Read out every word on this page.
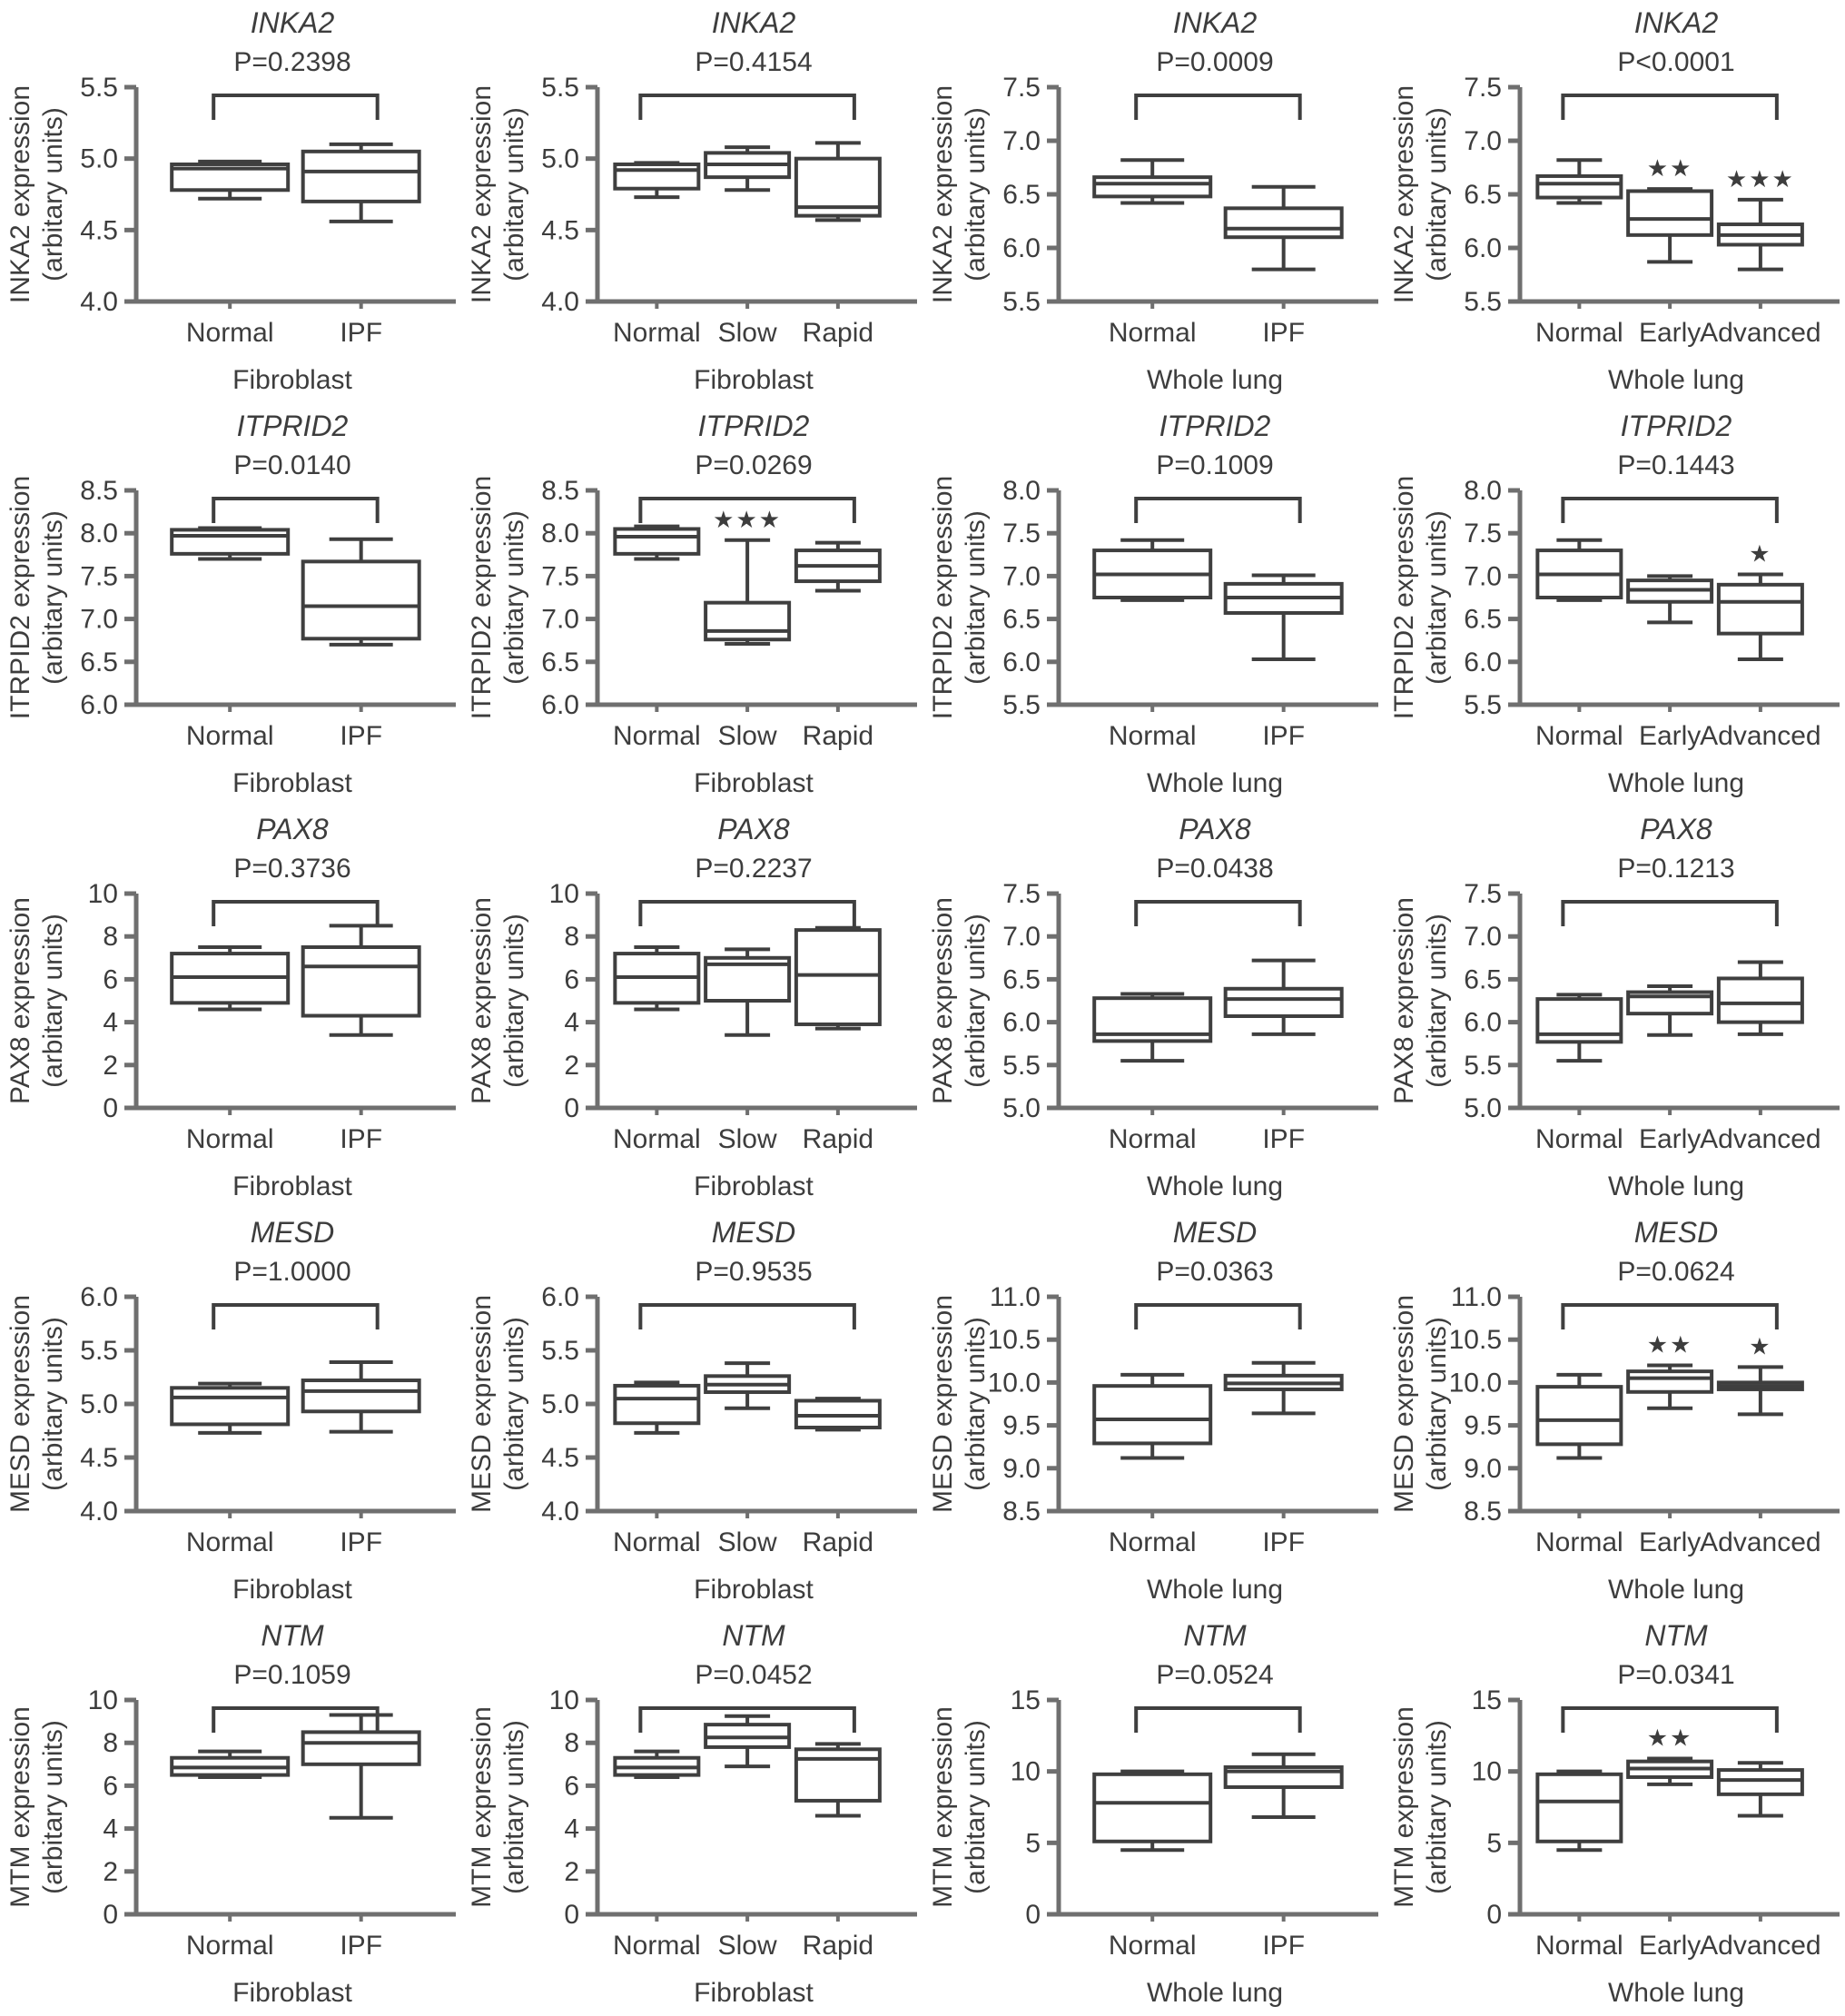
INKA2
P=0.2398
4.0
4.5
5.0
5.5
INKA2 expression (arbitary units)
Normal IPF
Fibroblast
INKA2
P=0.4154
4.0
4.5
5.0
5.5
INKA2 expression (arbitary units)
Normal Slow Rapid
Fibroblast
INKA2
P=0.0009
5.5
6.0
6.5
7.0
7.5
INKA2 expression (arbitary units)
Normal IPF
Whole lung
INKA2
P<0.0001
5.5
6.0
6.5
7.0
7.5
INKA2 expression (arbitary units)	★★ ★★★
Normal Early
Advanced
Whole lung
ITPRID2
P=0.0140
6.0
6.5
7.0
7.5
8.0
8.5
ITRPID2 expression (arbitary units)
Normal IPF
Fibroblast
ITPRID2
P=0.0269
6.0
6.5
7.0
7.5
8.0
8.5
ITRPID2 expression (arbitary units)	★★★
Normal Slow Rapid
Fibroblast
ITPRID2
P=0.1009
5.5
6.0
6.5
7.0
7.5
8.0
ITRPID2 expression (arbitary units)
Normal IPF
Whole lung
ITPRID2
P=0.1443
5.5
6.0
6.5
7.0
7.5
8.0
ITRPID2 expression (arbitary units)	★
Normal Early
Advanced
Whole lung
PAX8
P=0.3736
0
2
4
6
8
10
PAX8 expression (arbitary units)
Normal IPF
Fibroblast
PAX8
P=0.2237
0
2
4
6
8
10
PAX8 expression (arbitary units)
Normal Slow Rapid
Fibroblast
PAX8
P=0.0438
5.0
5.5
6.0
6.5
7.0
7.5
PAX8 expression (arbitary units)
Normal IPF
Whole lung
PAX8
P=0.1213
5.0
5.5
6.0
6.5
7.0
7.5
PAX8 expression (arbitary units)
Normal Early
Advanced
Whole lung
MESD
P=1.0000
4.0
4.5
5.0
5.5
6.0
MESD expression (arbitary units)
Normal IPF
Fibroblast
MESD
P=0.9535
4.0
4.5
5.0
5.5
6.0
MESD expression (arbitary units)
Normal Slow Rapid
Fibroblast
MESD
P=0.0363
8.5
9.0
9.5
10.0
10.5
11.0
MESD expression (arbitary units)
Normal IPF
Whole lung
MESD
P=0.0624
8.5
9.0
9.5
10.0
10.5
11.0
MESD expression (arbitary units)	★★ ★
Normal Early
Advanced
Whole lung
NTM
P=0.1059
0
2
4
6
8
10
MTM expression (arbitary units)
Normal IPF
Fibroblast
NTM
P=0.0452
0
2
4
6
8
10
MTM expression (arbitary units)
Normal Slow Rapid
Fibroblast
NTM
P=0.0524
0
5
10
15
MTM expression (arbitary units)
Normal IPF
Whole lung
NTM
P=0.0341
0
5
10
15
MTM expression (arbitary units)	★★
Normal Early
Advanced
Whole lung
